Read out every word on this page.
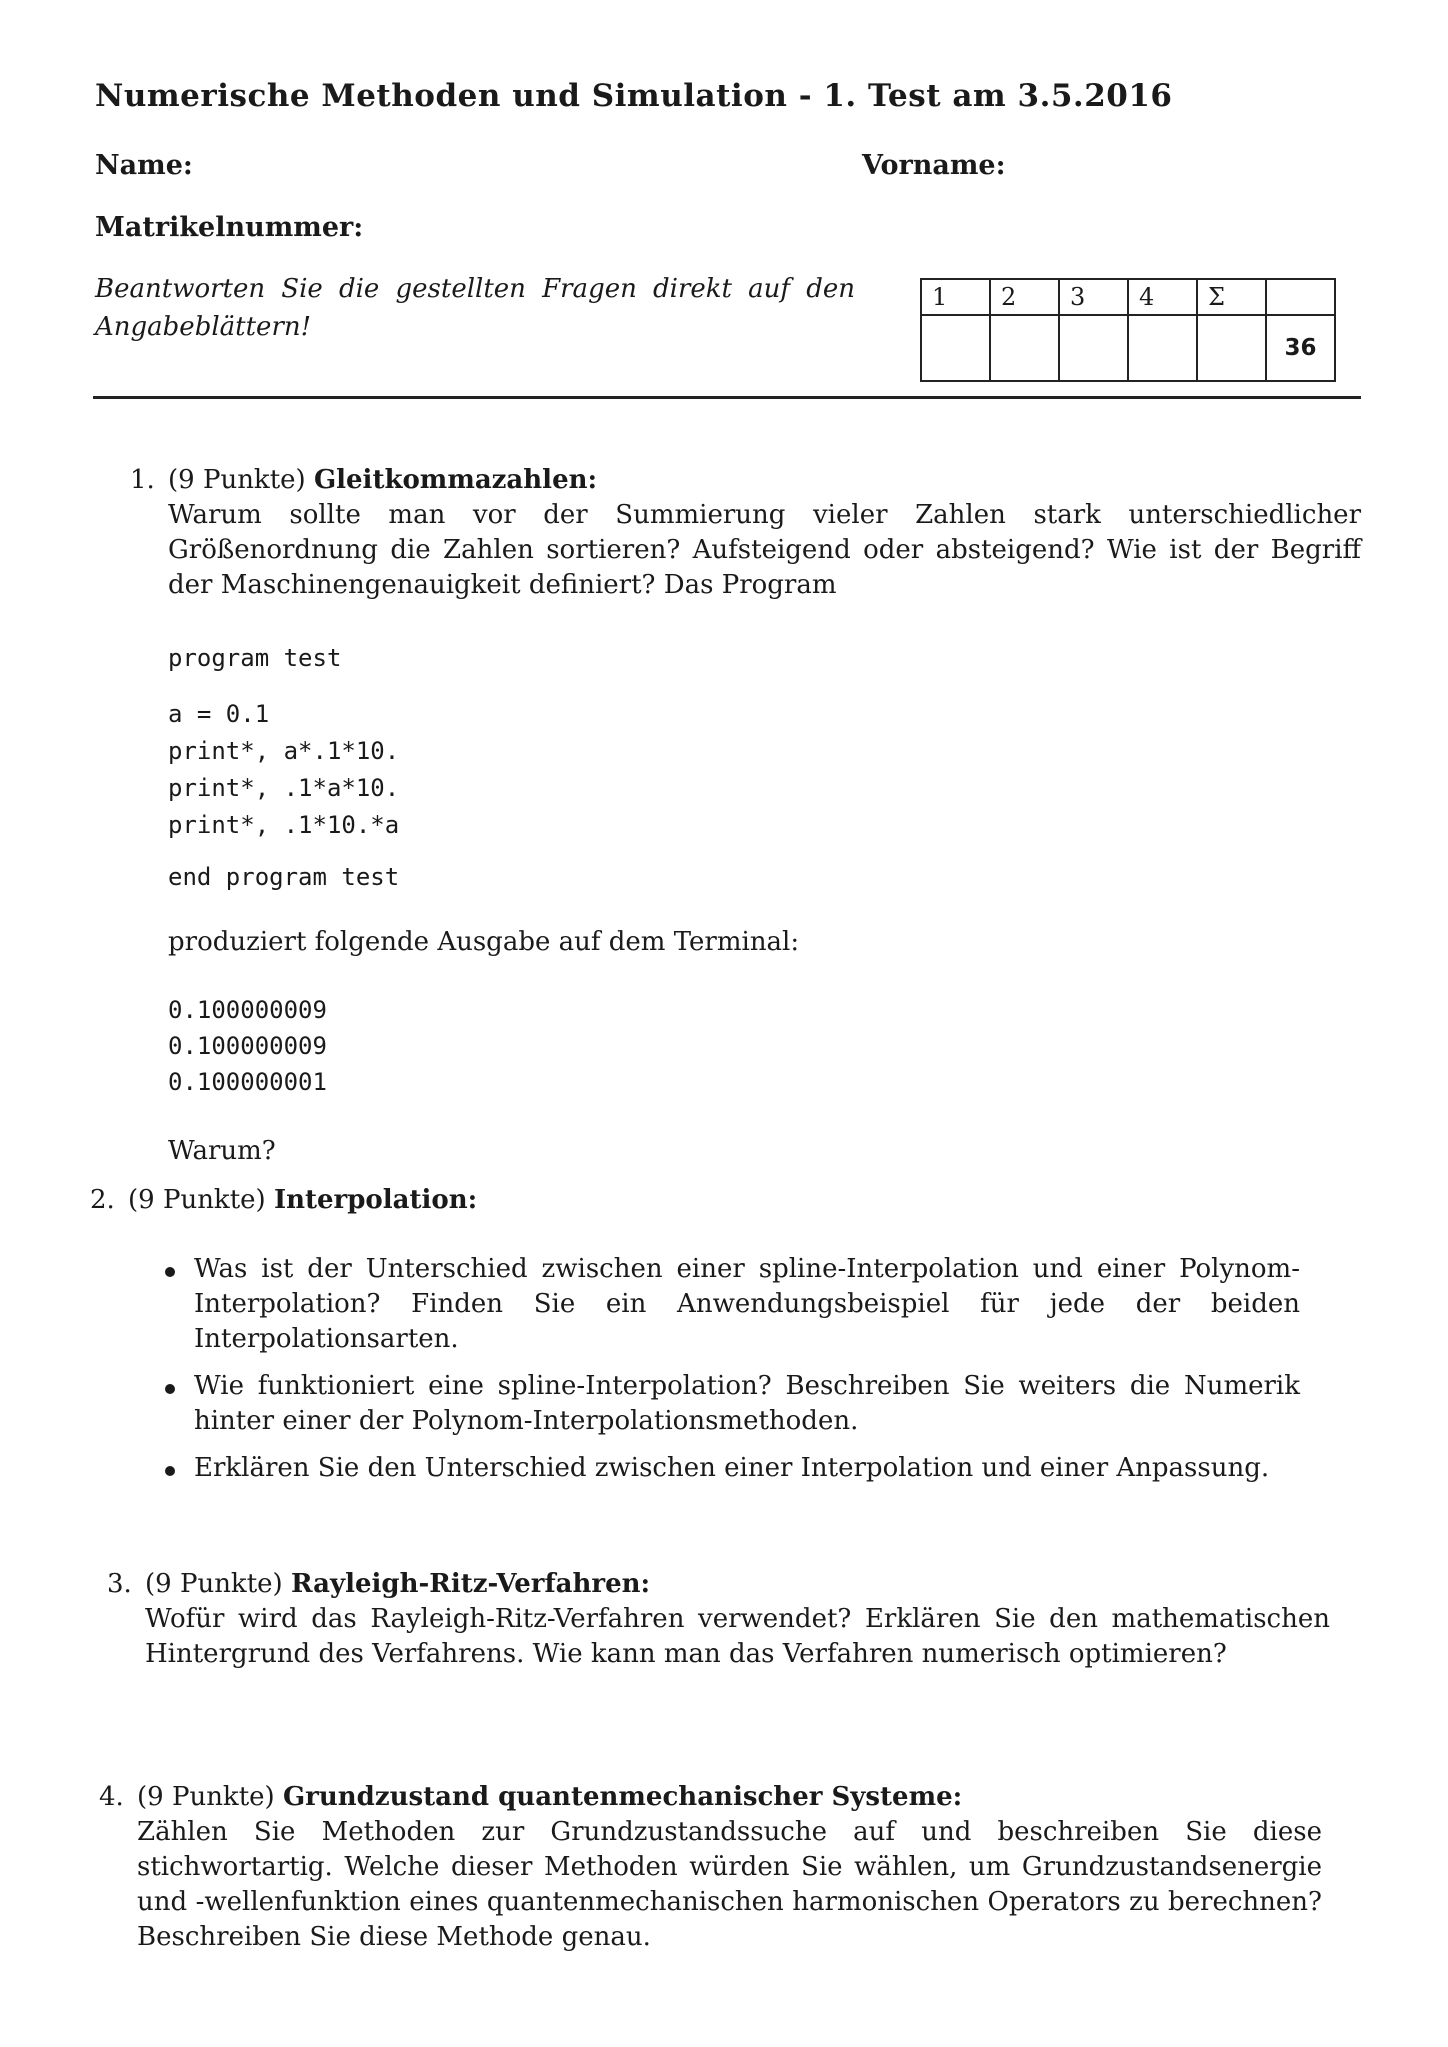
Numerische Methoden und Simulation - 1. Test am 3.5.2016
Name:	Vorname:
Matrikelnummer:
Beantworten Sie die gestellten Fragen direkt auf den Angabeblättern!
1	2	3	4	Σ	
					36
1. (9 Punkte) Gleitkommazahlen:
Warum sollte man vor der Summierung vieler Zahlen stark unterschiedlicher Größenordnung die Zahlen sortieren? Aufsteigend oder absteigend? Wie ist der Begriff der Maschinengenauigkeit definiert? Das Program
program test
a = 0.1
print*, a*.1*10.
print*, .1*a*10.
print*, .1*10.*a
end program test
produziert folgende Ausgabe auf dem Terminal:
0.100000009
0.100000009
0.100000001
Warum?
2. (9 Punkte) Interpolation:
Was ist der Unterschied zwischen einer spline-Interpolation und einer Polynom-Interpolation? Finden Sie ein Anwendungsbeispiel für jede der beiden Interpolationsarten.
Wie funktioniert eine spline-Interpolation? Beschreiben Sie weiters die Numerik hinter einer der Polynom-Interpolationsmethoden.
Erklären Sie den Unterschied zwischen einer Interpolation und einer Anpassung.
3. (9 Punkte) Rayleigh-Ritz-Verfahren:
Wofür wird das Rayleigh-Ritz-Verfahren verwendet? Erklären Sie den mathematischen Hintergrund des Verfahrens. Wie kann man das Verfahren numerisch optimieren?
4. (9 Punkte) Grundzustand quantenmechanischer Systeme:
Zählen Sie Methoden zur Grundzustandssuche auf und beschreiben Sie diese stichwortartig. Welche dieser Methoden würden Sie wählen, um Grundzustandsenergie und -wellenfunktion eines quantenmechanischen harmonischen Operators zu berechnen? Beschreiben Sie diese Methode genau.
